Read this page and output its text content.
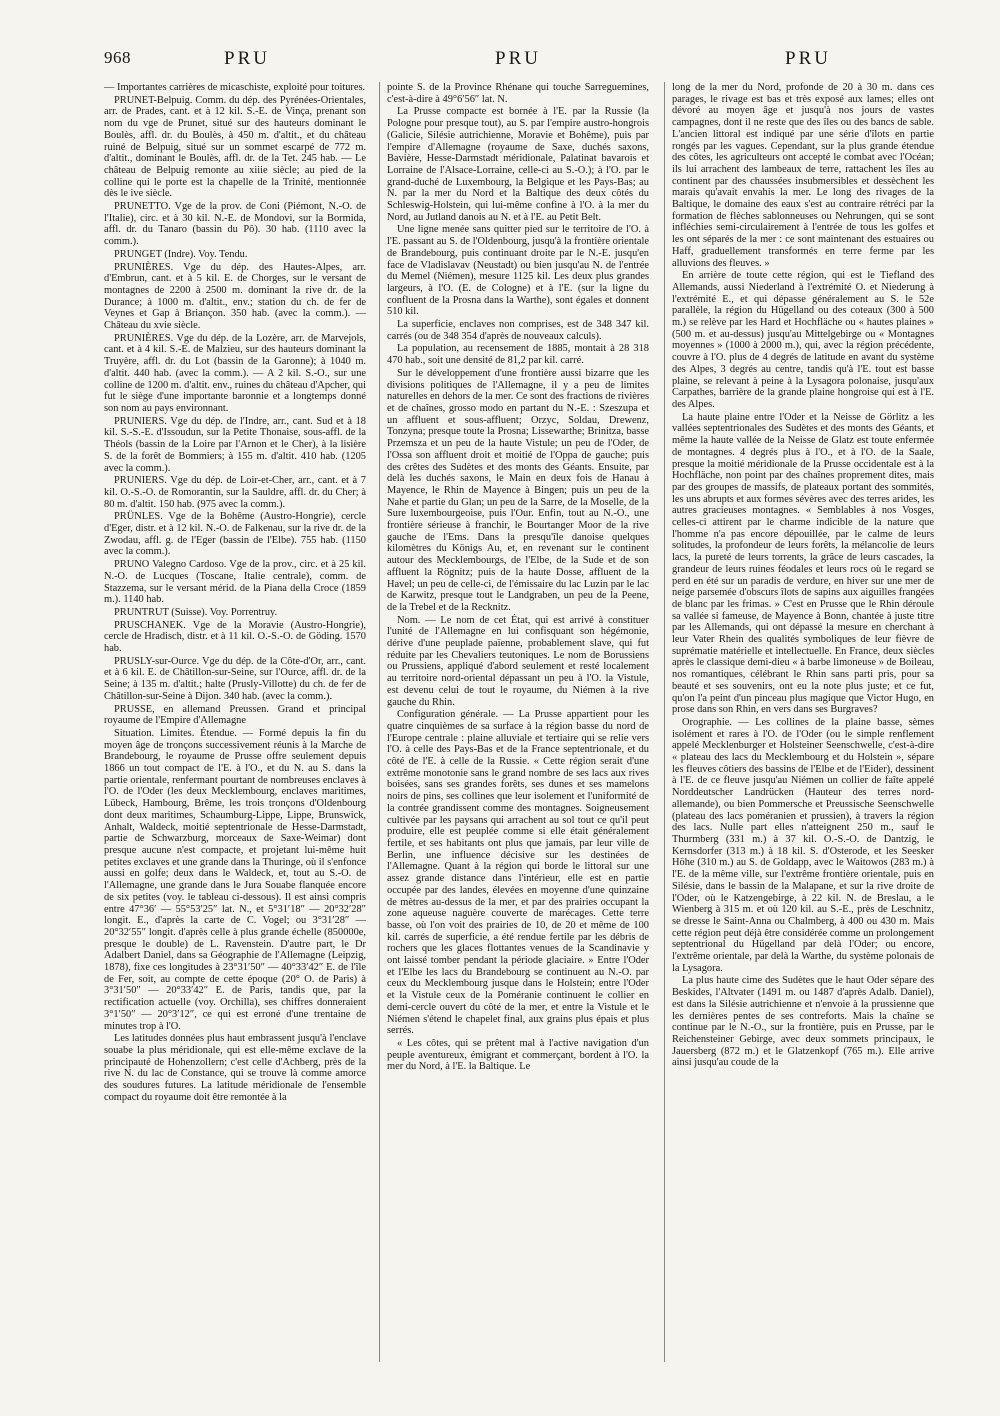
968	PRU	PRU	PRU

— Importantes carrières de micaschiste, exploité pour toitures.

PRUNET-Belpuig. Comm. du dép. des Pyrénées-Orientales, arr. de Prades, cant. et à 12 kil. S.-E. de Vinça, prenant son nom du vge de Prunet, situé sur des hauteurs dominant le Boulès, affl. dr. du Boulès, à 450 m. d'altit., et du château ruiné de Belpuig, situé sur un sommet escarpé de 772 m. d'altit., dominant le Boulès, affl. dr. de la Tet. 245 hab. — Le château de Belpuig remonte au xiiie siècle; au pied de la colline qui le porte est la chapelle de la Trinité, mentionnée dès le ive siècle.

PRUNETTO. Vge de la prov. de Coni (Piémont, N.-O. de l'Italie), circ. et à 30 kil. N.-E. de Mondovi, sur la Bormida, affl. dr. du Tanaro (bassin du Pô). 30 hab. (1110 avec la comm.).

PRUNGET (Indre). Voy. Tendu.

PRUNIÈRES. Vge du dép. des Hautes-Alpes, arr. d'Embrun, cant. et à 5 kil. E. de Chorges, sur le versant de montagnes de 2200 à 2500 m. dominant la rive dr. de la Durance; à 1000 m. d'altit., env.; station du ch. de fer de Veynes et Gap à Briançon. 350 hab. (avec la comm.). — Château du xvie siècle.

PRUNIÈRES. Vge du dép. de la Lozère, arr. de Marvejols, cant. et à 4 kil. S.-E. de Malzieu, sur des hauteurs dominant la Truyère, affl. dr. du Lot (bassin de la Garonne); à 1040 m. d'altit. 440 hab. (avec la comm.). — A 2 kil. S.-O., sur une colline de 1200 m. d'altit. env., ruines du château d'Apcher, qui fut le siège d'une importante baronnie et a longtemps donné son nom au pays environnant.

PRUNIERS. Vge du dép. de l'Indre, arr., cant. Sud et à 18 kil. S.-S.-E. d'Issoudun, sur la Petite Thonaise, sous-affl. de la Théols (bassin de la Loire par l'Arnon et le Cher), à la lisière S. de la forêt de Bommiers; à 155 m. d'altit. 410 hab. (1205 avec la comm.).

PRUNIERS. Vge du dép. de Loir-et-Cher, arr., cant. et à 7 kil. O.-S.-O. de Romorantin, sur la Sauldre, affl. dr. du Cher; à 80 m. d'altit. 150 hab. (975 avec la comm.).

PRÜNLES. Vge de la Bohême (Austro-Hongrie), cercle d'Eger, distr. et à 12 kil. N.-O. de Falkenau, sur la rive dr. de la Zwodau, affl. g. de l'Eger (bassin de l'Elbe). 755 hab. (1150 avec la comm.).

PRUNO Valegno Cardoso. Vge de la prov., circ. et à 25 kil. N.-O. de Lucques (Toscane, Italie centrale), comm. de Stazzema, sur le versant mérid. de la Piana della Croce (1859 m.). 1140 hab.

PRUNTRUT (Suisse). Voy. Porrentruy.

PRUSCHANEK. Vge de la Moravie (Austro-Hongrie), cercle de Hradisch, distr. et à 11 kil. O.-S.-O. de Göding. 1570 hab.

PRUSLY-sur-Ource. Vge du dép. de la Côte-d'Or, arr., cant. et à 6 kil. E. de Châtillon-sur-Seine, sur l'Ource, affl. dr. de la Seine; à 135 m. d'altit.; halte (Prusly-Villotte) du ch. de fer de Châtillon-sur-Seine à Dijon. 340 hab. (avec la comm.).

PRUSSE, en allemand Preussen. Grand et principal royaume de l'Empire d'Allemagne

Situation. Limites. Étendue. — Formé depuis la fin du moyen âge de tronçons successivement réunis à la Marche de Brandebourg, le royaume de Prusse offre seulement depuis 1866 un tout compact de l'E. à l'O., et du N. au S. dans la partie orientale, renfermant pourtant de nombreuses enclaves à l'O. de l'Oder (les deux Mecklembourg, enclaves maritimes, Lübeck, Hambourg, Brême, les trois tronçons d'Oldenbourg dont deux maritimes, Schaumburg-Lippe, Lippe, Brunswick, Anhalt, Waldeck, moitié septentrionale de Hesse-Darmstadt, partie de Schwarzburg, morceaux de Saxe-Weimar) dont presque aucune n'est compacte, et projetant lui-même huit petites exclaves et une grande dans la Thuringe, où il s'enfonce aussi en golfe; deux dans le Waldeck, et, tout au S.-O. de l'Allemagne, une grande dans le Jura Souabe flanquée encore de six petites (voy. le tableau ci-dessous). Il est ainsi compris entre 47°36′ — 55°53′25″ lat. N., et 5°31′18″ — 20°32′28″ longit. E., d'après la carte de C. Vogel; ou 3°31′28″ — 20°32′55″ longit. d'après celle à plus grande échelle (850000e, presque le double) de L. Ravenstein. D'autre part, le Dr Adalbert Daniel, dans sa Géographie de l'Allemagne (Leipzig, 1878), fixe ces longitudes à 23°31′50″ — 40°33′42″ E. de l'île de Fer, soit, au compte de cette époque (20° O. de Paris) à 3°31′50″ — 20°33′42″ E. de Paris, tandis que, par la rectification actuelle (voy. Orchilla), ses chiffres donneraient 3°1′50″ — 20°3′12″, ce qui est erroné d'une trentaine de minutes trop à l'O.

Les latitudes données plus haut embrassent jusqu'à l'enclave souabe la plus méridionale, qui est elle-même exclave de la principauté de Hohenzollern; c'est celle d'Achberg, près de la rive N. du lac de Constance, qui se trouve là comme amorce des soudures futures. La latitude méridionale de l'ensemble compact du royaume doit être remontée à la

pointe S. de la Province Rhénane qui touche Sarreguemines, c'est-à-dire à 49°6′56″ lat. N.

La Prusse compacte est bornée à l'E. par la Russie (la Pologne pour presque tout), au S. par l'empire austro-hongrois (Galicie, Silésie autrichienne, Moravie et Bohême), puis par l'empire d'Allemagne (royaume de Saxe, duchés saxons, Bavière, Hesse-Darmstadt méridionale, Palatinat bavarois et Lorraine de l'Alsace-Lorraine, celle-ci au S.-O.); à l'O. par le grand-duché de Luxembourg, la Belgique et les Pays-Bas; au N. par la mer du Nord et la Baltique des deux côtés du Schleswig-Holstein, qui lui-même confine à l'O. à la mer du Nord, au Jutland danois au N. et à l'E. au Petit Belt.

Une ligne menée sans quitter pied sur le territoire de l'O. à l'E. passant au S. de l'Oldenbourg, jusqu'à la frontière orientale de Brandebourg, puis continuant droite par le N.-E. jusqu'en face de Vladislavav (Neustadt) ou bien jusqu'au N. de l'entrée du Memel (Niémen), mesure 1125 kil. Les deux plus grandes largeurs, à l'O. (E. de Cologne) et à l'E. (sur la ligne du confluent de la Prosna dans la Warthe), sont égales et donnent 510 kil.

La superficie, enclaves non comprises, est de 348 347 kil. carrés (ou de 348 354 d'après de nouveaux calculs).

La population, au recensement de 1885, montait à 28 318 470 hab., soit une densité de 81,2 par kil. carré.

Sur le développement d'une frontière aussi bizarre que les divisions politiques de l'Allemagne, il y a peu de limites naturelles en dehors de la mer. Ce sont des fractions de rivières et de chaînes, grosso modo en partant du N.-E. : Szeszupa et un affluent et sous-affluent; Orzyc, Soldau, Drewenz, Tonzyna; presque toute la Prosna; Lissewarthe; Brinitza, basse Przemsza et un peu de la haute Vistule; un peu de l'Oder, de l'Ossa son affluent droit et moitié de l'Oppa de gauche; puis des crêtes des Sudètes et des monts des Géants. Ensuite, par delà les duchés saxons, le Main en deux fois de Hanau à Mayence, le Rhin de Mayence à Bingen; puis un peu de la Nahe et partie du Glan; un peu de la Sarre, de la Moselle, de la Sure luxembourgeoise, puis l'Our. Enfin, tout au N.-O., une frontière sérieuse à franchir, le Bourtanger Moor de la rive gauche de l'Ems. Dans la presqu'île danoise quelques kilomètres du Königs Au, et, en revenant sur le continent autour des Mecklembourgs, de l'Elbe, de la Sude et de son affluent la Rögnitz; puis de la haute Dosse, affluent de la Havel; un peu de celle-ci, de l'émissaire du lac Luzin par le lac de Karwitz, presque tout le Landgraben, un peu de la Peene, de la Trebel et de la Recknitz.

Nom. — Le nom de cet État, qui est arrivé à constituer l'unité de l'Allemagne en lui confisquant son hégémonie, dérive d'une peuplade païenne, probablement slave, qui fut réduite par les Chevaliers teutoniques. Le nom de Borussiens ou Prussiens, appliqué d'abord seulement et resté localement au territoire nord-oriental dépassant un peu à l'O. la Vistule, est devenu celui de tout le royaume, du Niémen à la rive gauche du Rhin.

Configuration générale. — La Prusse appartient pour les quatre cinquièmes de sa surface à la région basse du nord de l'Europe centrale : plaine alluviale et tertiaire qui se relie vers l'O. à celle des Pays-Bas et de la France septentrionale, et du côté de l'E. à celle de la Russie. « Cette région serait d'une extrême monotonie sans le grand nombre de ses lacs aux rives boisées, sans ses grandes forêts, ses dunes et ses mamelons noirs de pins, ses collines que leur isolement et l'uniformité de la contrée grandissent comme des montagnes. Soigneusement cultivée par les paysans qui arrachent au sol tout ce qu'il peut produire, elle est peuplée comme si elle était généralement fertile, et ses habitants ont plus que jamais, par leur ville de Berlin, une influence décisive sur les destinées de l'Allemagne. Quant à la région qui borde le littoral sur une assez grande distance dans l'intérieur, elle est en partie occupée par des landes, élevées en moyenne d'une quinzaine de mètres au-dessus de la mer, et par des prairies occupant la zone aqueuse naguère couverte de marécages. Cette terre basse, où l'on voit des prairies de 10, de 20 et même de 100 kil. carrés de superficie, a été rendue fertile par les débris de rochers que les glaces flottantes venues de la Scandinavie y ont laissé tomber pendant la période glaciaire. » Entre l'Oder et l'Elbe les lacs du Brandebourg se continuent au N.-O. par ceux du Mecklembourg jusque dans le Holstein; entre l'Oder et la Vistule ceux de la Poméranie continuent le collier en demi-cercle ouvert du côté de la mer, et entre la Vistule et le Niémen s'étend le chapelet final, aux grains plus épais et plus serrés.

« Les côtes, qui se prêtent mal à l'active navigation d'un peuple aventureux, émigrant et commerçant, bordent à l'O. la mer du Nord, à l'E. la Baltique. Le

long de la mer du Nord, profonde de 20 à 30 m. dans ces parages, le rivage est bas et très exposé aux lames; elles ont dévoré au moyen âge et jusqu'à nos jours de vastes campagnes, dont il ne reste que des îles ou des bancs de sable. L'ancien littoral est indiqué par une série d'îlots en partie rongés par les vagues. Cependant, sur la plus grande étendue des côtes, les agriculteurs ont accepté le combat avec l'Océan; ils lui arrachent des lambeaux de terre, rattachent les îles au continent par des chaussées insubmersibles et dessèchent les marais qu'avait envahis la mer. Le long des rivages de la Baltique, le domaine des eaux s'est au contraire rétréci par la formation de flèches sablonneuses ou Nehrungen, qui se sont infléchies semi-circulairement à l'entrée de tous les golfes et les ont séparés de la mer : ce sont maintenant des estuaires ou Haff, graduellement transformés en terre ferme par les alluvions des fleuves. »

En arrière de toute cette région, qui est le Tiefland des Allemands, aussi Niederland à l'extrémité O. et Niederung à l'extrémité E., et qui dépasse généralement au S. le 52e parallèle, la région du Hügelland ou des coteaux (300 à 500 m.) se relève par les Hard et Hochfläche ou « hautes plaines » (500 m. et au-dessus) jusqu'au Mittelgebirge ou « Montagnes moyennes » (1000 à 2000 m.), qui, avec la région précédente, couvre à l'O. plus de 4 degrés de latitude en avant du système des Alpes, 3 degrés au centre, tandis qu'à l'E. tout est basse plaine, se relevant à peine à la Lysagora polonaise, jusqu'aux Carpathes, barrière de la grande plaine hongroise qui est à l'E. des Alpes.

La haute plaine entre l'Oder et la Neisse de Görlitz a les vallées septentrionales des Sudètes et des monts des Géants, et même la haute vallée de la Neisse de Glatz est toute enfermée de montagnes. 4 degrés plus à l'O., et à l'O. de la Saale, presque la moitié méridionale de la Prusse occidentale est à la Hochfläche, non point par des chaînes proprement dites, mais par des groupes de massifs, de plateaux portant des sommités, les uns abrupts et aux formes sévères avec des terres arides, les autres gracieuses montagnes. « Semblables à nos Vosges, celles-ci attirent par le charme indicible de la nature que l'homme n'a pas encore dépouillée, par le calme de leurs solitudes, la profondeur de leurs forêts, la mélancolie de leurs lacs, la pureté de leurs torrents, la grâce de leurs cascades, la grandeur de leurs ruines féodales et leurs rocs où le regard se perd en été sur un paradis de verdure, en hiver sur une mer de neige parsemée d'obscurs îlots de sapins aux aiguilles frangées de blanc par les frimas. » C'est en Prusse que le Rhin déroule sa vallée si fameuse, de Mayence à Bonn, chantée à juste titre par les Allemands, qui ont dépassé la mesure en cherchant à leur Vater Rhein des qualités symboliques de leur fièvre de suprématie matérielle et intellectuelle. En France, deux siècles après le classique demi-dieu « à barbe limoneuse » de Boileau, nos romantiques, célébrant le Rhin sans parti pris, pour sa beauté et ses souvenirs, ont eu la note plus juste; et ce fut, qu'on l'a peint d'un pinceau plus magique que Victor Hugo, en prose dans son Rhin, en vers dans ses Burgraves?

Orographie. — Les collines de la plaine basse, sèmes isolément et rares à l'O. de l'Oder (ou le simple renflement appelé Mecklenburger et Holsteiner Seenschwelle, c'est-à-dire « plateau des lacs du Mecklembourg et du Holstein », sépare les fleuves côtiers des bassins de l'Elbe et de l'Eider), dessinent à l'E. de ce fleuve jusqu'au Niémen un collier de faîte appelé Norddeutscher Landrücken (Hauteur des terres nord-allemande), ou bien Pommersche et Preussische Seenschwelle (plateau des lacs poméranien et prussien), à travers la région des lacs. Nulle part elles n'atteignent 250 m., sauf le Thurmberg (331 m.) à 37 kil. O.-S.-O. de Dantzig, le Kernsdorfer (313 m.) à 18 kil. S. d'Osterode, et les Seesker Höhe (310 m.) au S. de Goldapp, avec le Waitowos (283 m.) à l'E. de la même ville, sur l'extrême frontière orientale, puis en Silésie, dans le bassin de la Malapane, et sur la rive droite de l'Oder, où le Katzengebirge, à 22 kil. N. de Breslau, a le Wienberg à 315 m. et où 120 kil. au S.-E., près de Leschnitz, se dresse le Saint-Anna ou Chalmberg, à 400 ou 430 m. Mais cette région peut déjà être considérée comme un prolongement septentrional du Hügelland par delà l'Oder; ou encore, l'extrême orientale, par delà la Warthe, du système polonais de la Lysagora.

La plus haute cime des Sudètes que le haut Oder sépare des Beskides, l'Altvater (1491 m. ou 1487 d'après Adalb. Daniel), est dans la Silésie autrichienne et n'envoie à la prussienne que les dernières pentes de ses contreforts. Mais la chaîne se continue par le N.-O., sur la frontière, puis en Prusse, par le Reichensteiner Gebirge, avec deux sommets principaux, le Jauersberg (872 m.) et le Glatzenkopf (765 m.). Elle arrive ainsi jusqu'au coude de la
